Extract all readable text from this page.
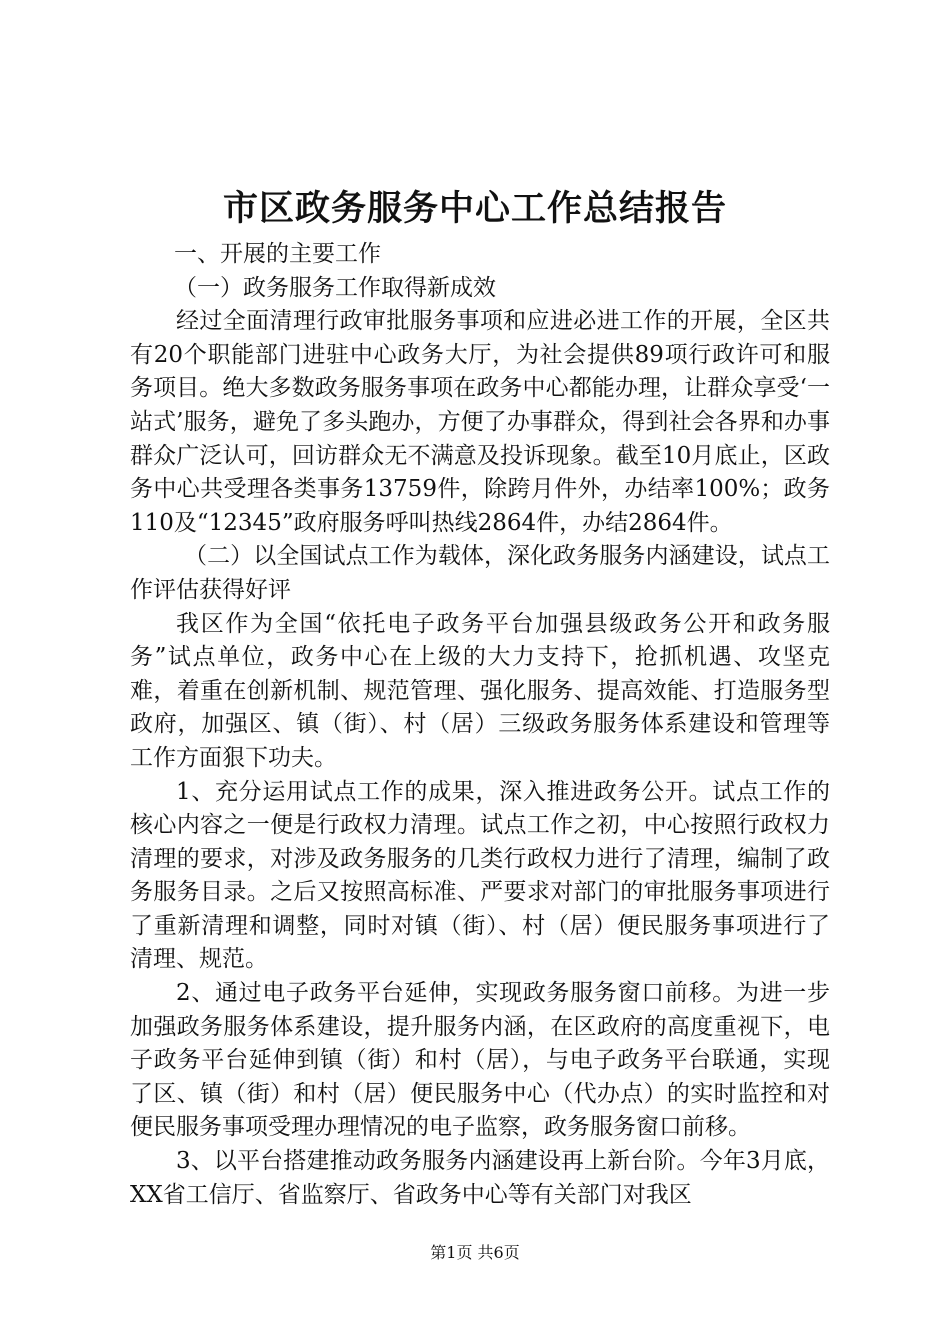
市区政务服务中心工作总结报告

一、开展的主要工作

（一）政务服务工作取得新成效

经过全面清理行政审批服务事项和应进必进工作的开展，全区共有20个职能部门进驻中心政务大厅，为社会提供89项行政许可和服务项目。绝大多数政务服务事项在政务中心都能办理，让群众享受‘一站式’服务，避免了多头跑办，方便了办事群众，得到社会各界和办事群众广泛认可，回访群众无不满意及投诉现象。截至10月底止，区政务中心共受理各类事务13759件，除跨月件外，办结率100%；政务110及“12345”政府服务呼叫热线2864件，办结2864件。

（二）以全国试点工作为载体，深化政务服务内涵建设，试点工作评估获得好评

我区作为全国“依托电子政务平台加强县级政务公开和政务服务”试点单位，政务中心在上级的大力支持下，抢抓机遇、攻坚克难，着重在创新机制、规范管理、强化服务、提高效能、打造服务型政府，加强区、镇（街）、村（居）三级政务服务体系建设和管理等工作方面狠下功夫。

1、充分运用试点工作的成果，深入推进政务公开。试点工作的核心内容之一便是行政权力清理。试点工作之初，中心按照行政权力清理的要求，对涉及政务服务的几类行政权力进行了清理，编制了政务服务目录。之后又按照高标准、严要求对部门的审批服务事项进行了重新清理和调整，同时对镇（街）、村（居）便民服务事项进行了清理、规范。

2、通过电子政务平台延伸，实现政务服务窗口前移。为进一步加强政务服务体系建设，提升服务内涵，在区政府的高度重视下，电子政务平台延伸到镇（街）和村（居），与电子政务平台联通，实现了区、镇（街）和村（居）便民服务中心（代办点）的实时监控和对便民服务事项受理办理情况的电子监察，政务服务窗口前移。

3、以平台搭建推动政务服务内涵建设再上新台阶。今年3月底，XX省工信厅、省监察厅、省政务中心等有关部门对我区

第1页 共6页
